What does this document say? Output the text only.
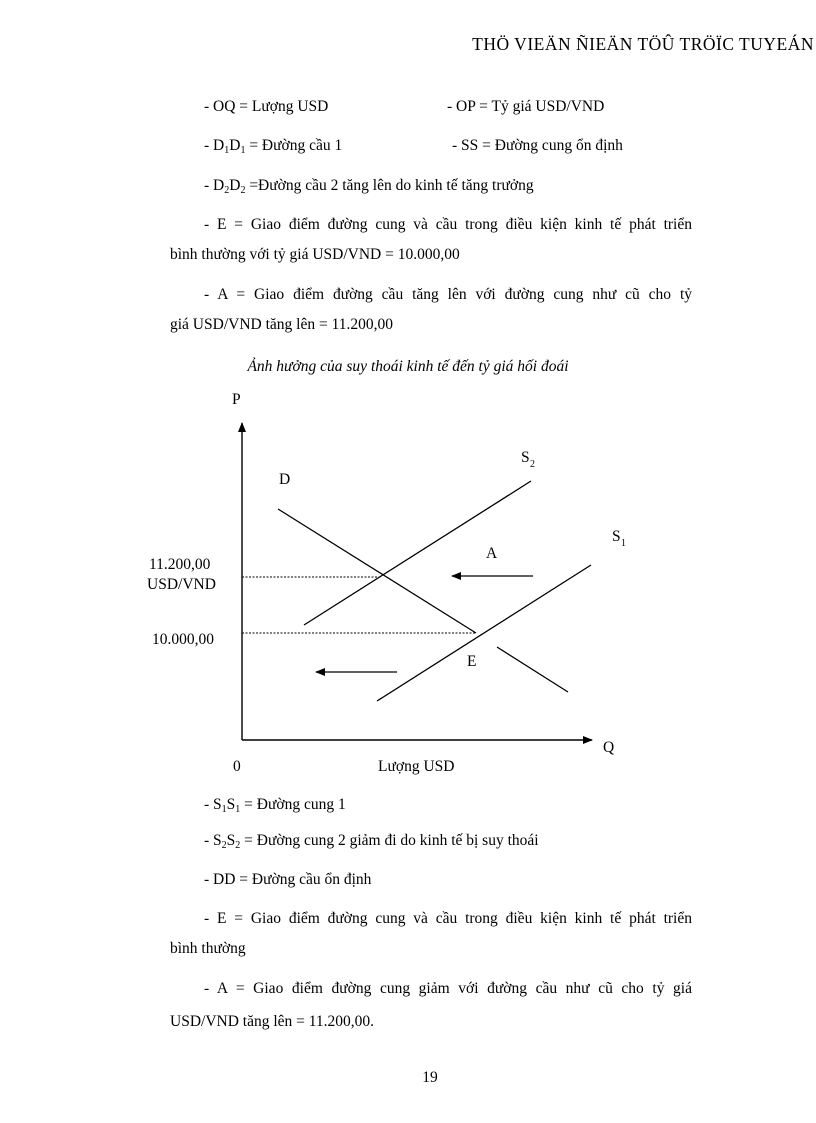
THÖ VIEÄN ÑIEÄN TÖÛ TRÖÏC TUYEÁN
- OQ = Lượng USD	- OP = Tỷ giá USD/VND
- $D_1D_1$ = Đường cầu 1	- SS = Đường cung ổn định
- $D_2D_2$ =Đường cầu 2 tăng lên do kinh tế tăng trưởng
- E = Giao điểm đường cung và cầu trong điều kiện kinh tế phát triển
bình thường với tỷ giá USD/VND = 10.000,00
- A = Giao điểm đường cầu tăng lên với đường cung như cũ cho tỷ
giá USD/VND tăng lên = 11.200,00
Ảnh hưởng của suy thoái kinh tế đến tỷ giá hối đoái
P
Q
0	Lượng USD
11.200,00
USD/VND
10.000,00
D
S 2
S 1
A
E
- $S_1S_1$ = Đường cung 1
- $S_2S_2$ = Đường cung 2 giảm đi do kinh tế bị suy thoái
- DD = Đường cầu ổn định
- E = Giao điểm đường cung và cầu trong điều kiện kinh tế phát triển
bình thường
- A = Giao điểm đường cung giảm với đường cầu như cũ cho tỷ giá
USD/VND tăng lên = 11.200,00.
19
